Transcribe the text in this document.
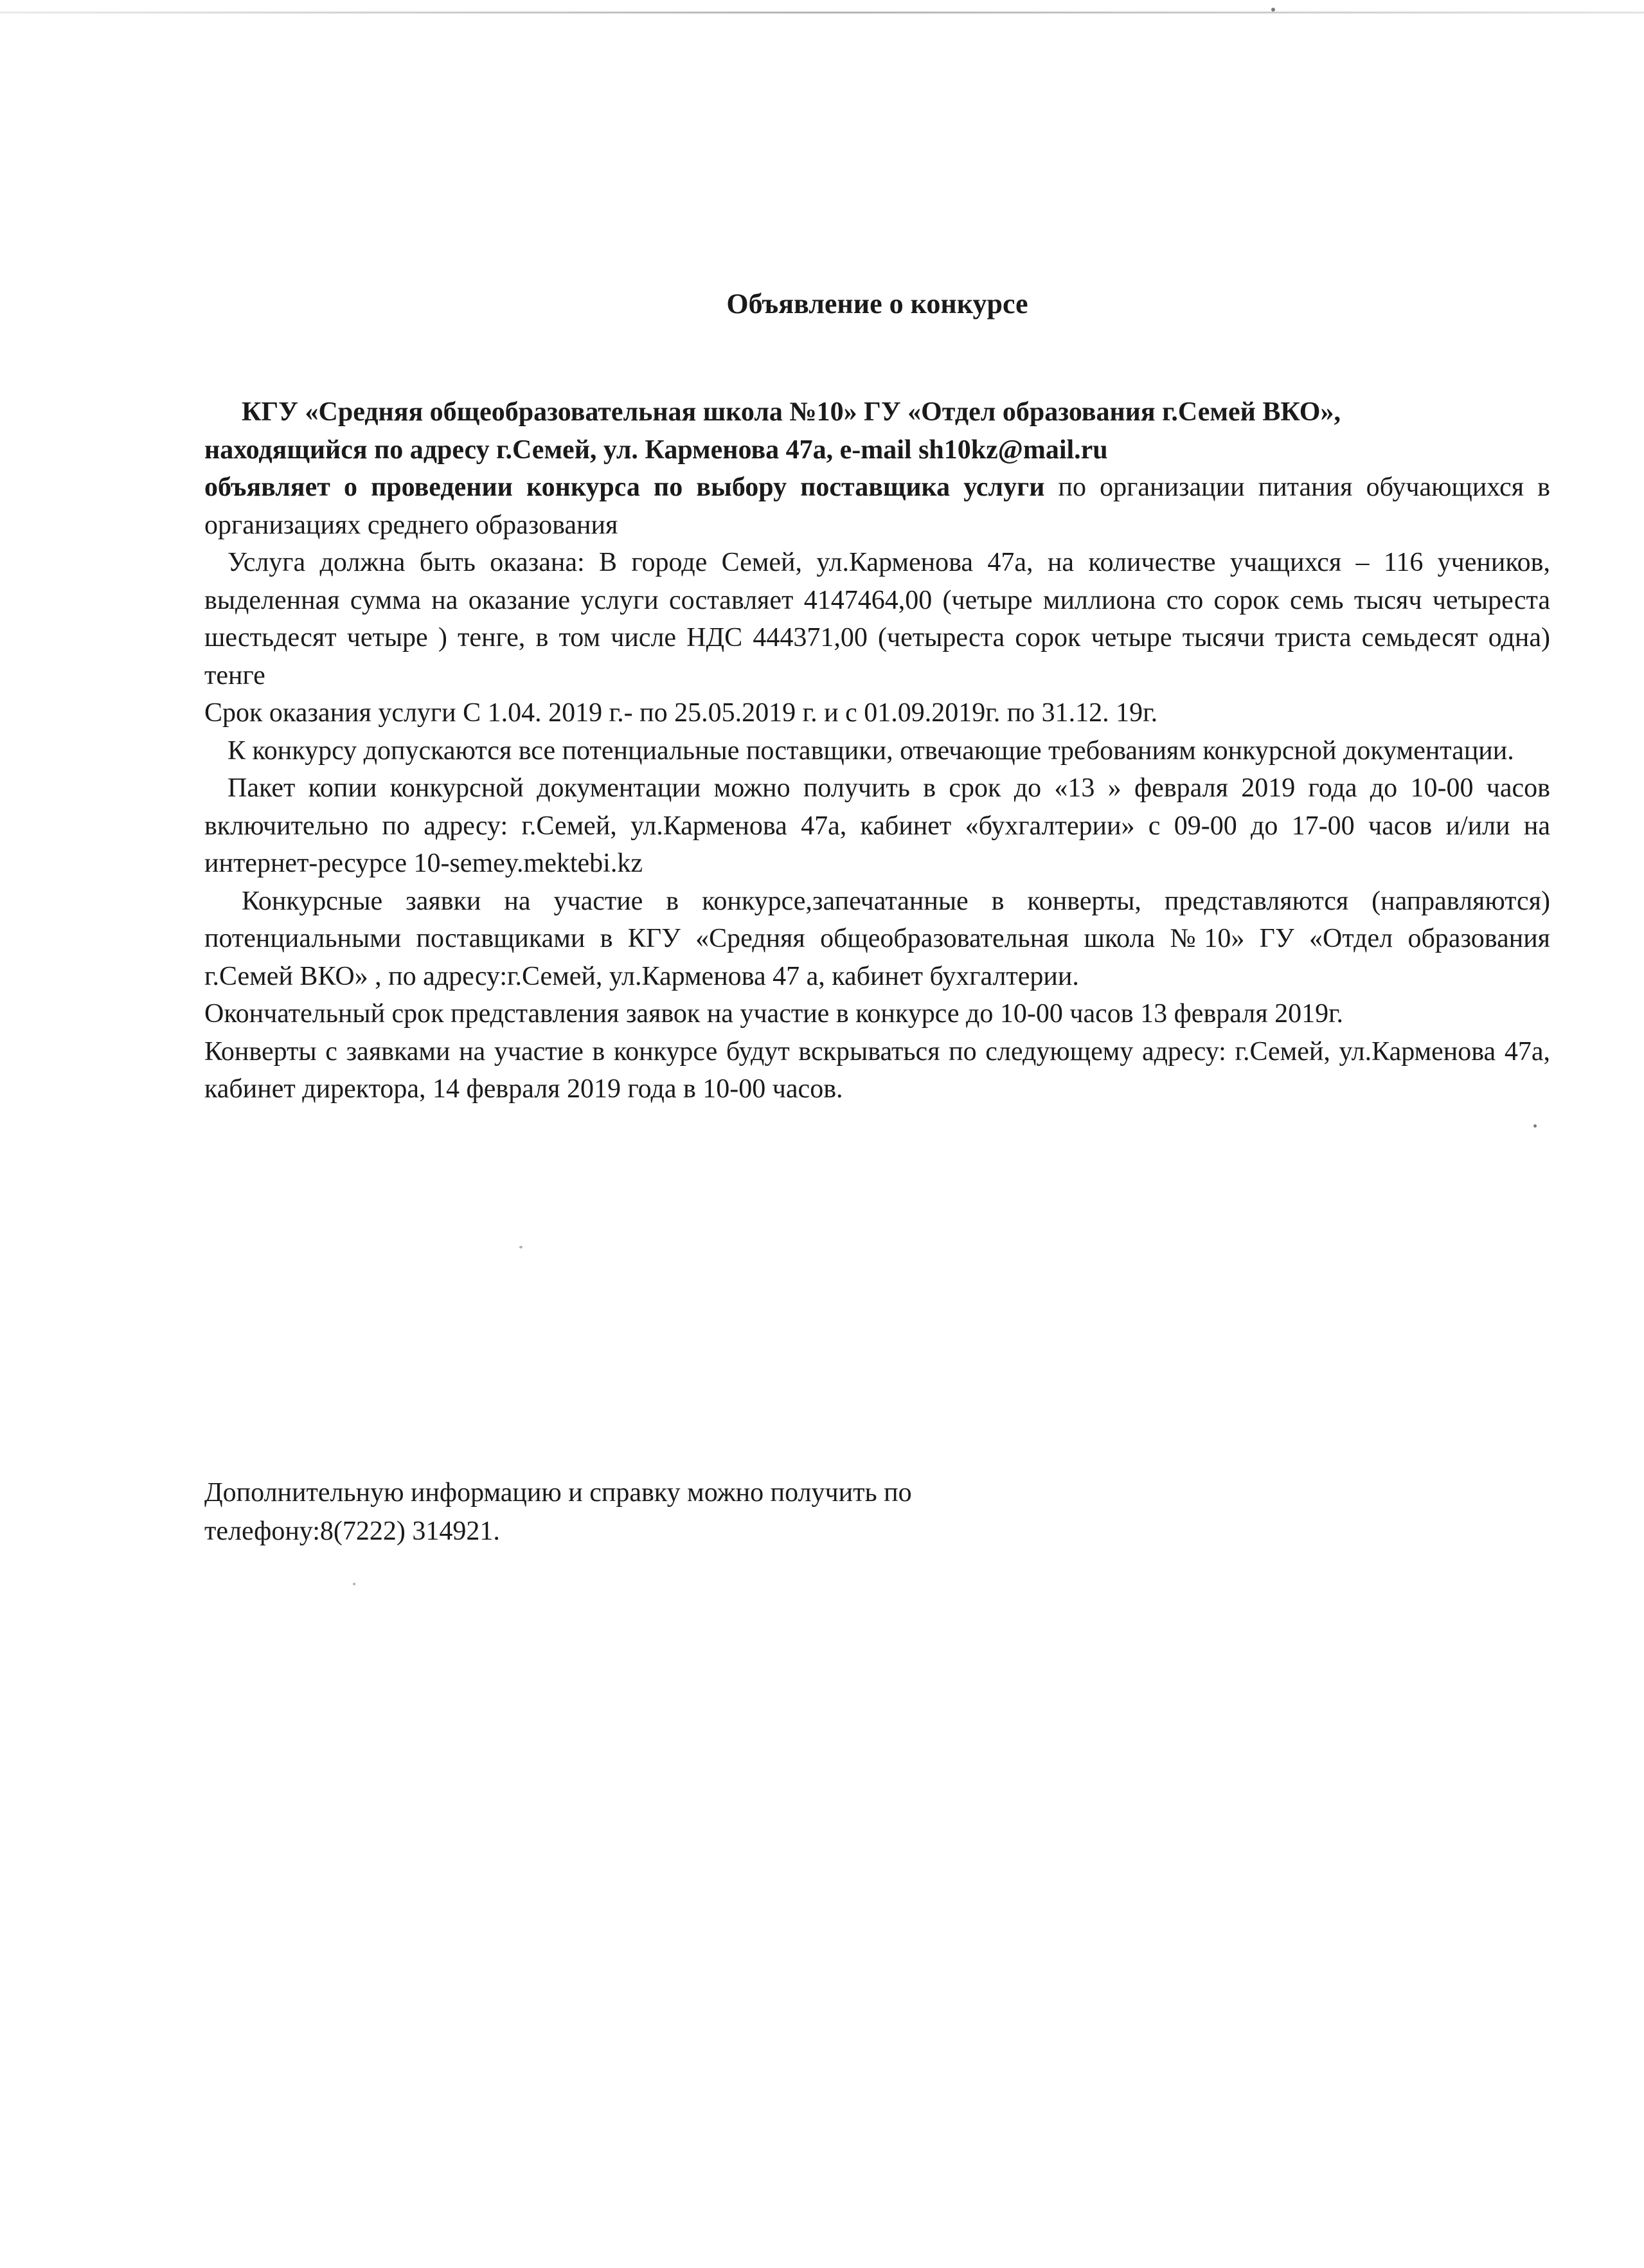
Объявление о конкурсе

КГУ «Средняя общеобразовательная школа №10» ГУ «Отдел образования г.Семей ВКО»,

находящийся по адресу г.Семей, ул. Карменова 47а, e-mail sh10kz@mail.ru

объявляет о проведении конкурса по выбору поставщика услуги по организации питания обучающихся в организациях среднего образования

Услуга должна быть оказана: В городе Семей, ул.Карменова 47а, на количестве учащихся – 116 учеников, выделенная сумма на оказание услуги составляет 4147464,00 (четыре миллиона сто сорок семь тысяч четыреста шестьдесят четыре ) тенге, в том числе НДС 444371,00 (четыреста сорок четыре тысячи триста семьдесят одна) тенге

Срок оказания услуги С 1.04. 2019 г.- по 25.05.2019 г. и с 01.09.2019г. по 31.12. 19г.

К конкурсу допускаются все потенциальные поставщики, отвечающие требованиям конкурсной документации.

Пакет копии конкурсной документации можно получить в срок до «13 » февраля 2019 года до 10-00 часов включительно по адресу: г.Семей, ул.Карменова 47а, кабинет «бухгалтерии» с 09-00 до 17-00 часов и/или на интернет-ресурсе 10-semey.mektebi.kz

Конкурсные заявки на участие в конкурсе,запечатанные в конверты, представляются (направляются) потенциальными поставщиками в КГУ «Средняя общеобразовательная школа №10» ГУ «Отдел образования г.Семей ВКО» , по адресу:г.Семей, ул.Карменова 47 а, кабинет бухгалтерии.

Окончательный срок представления заявок на участие в конкурсе до 10-00 часов 13 февраля 2019г.

Конверты с заявками на участие в конкурсе будут вскрываться по следующему адресу: г.Семей, ул.Карменова 47а, кабинет директора, 14 февраля 2019 года в 10-00 часов.

Дополнительную информацию и справку можно получить по
телефону:8(7222) 314921.
